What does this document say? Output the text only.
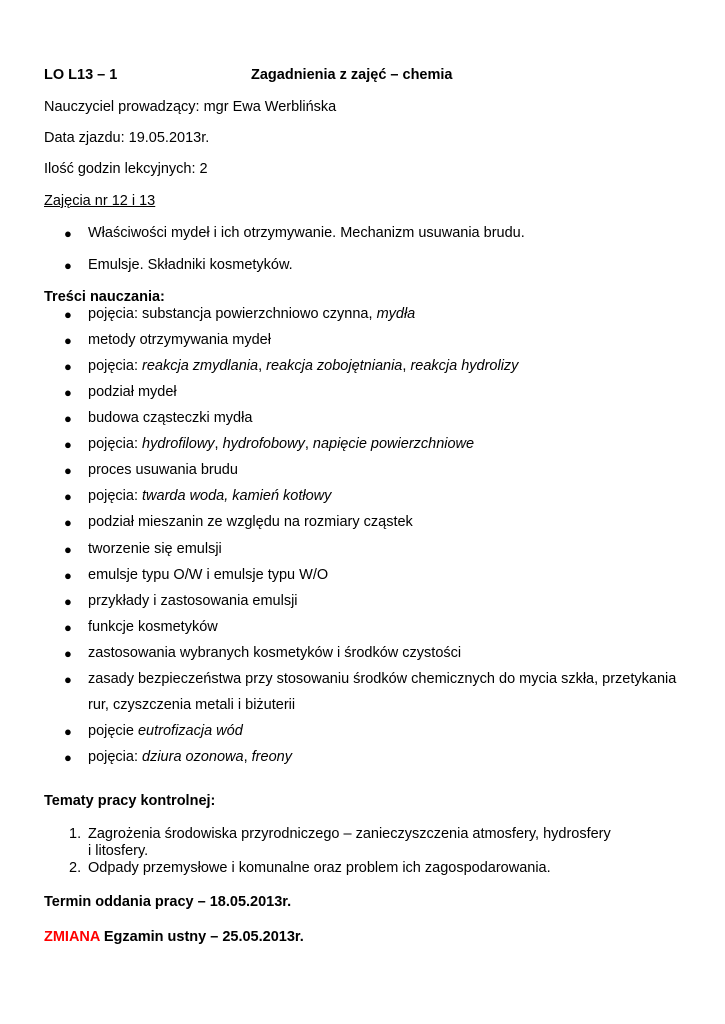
LO L13 – 1	Zagadnienia z zajęć – chemia
Nauczyciel prowadzący: mgr Ewa Werblińska
Data zjazdu: 19.05.2013r.
Ilość godzin lekcyjnych: 2
Zajęcia nr 12 i 13
● Właściwości mydeł i ich otrzymywanie. Mechanizm usuwania brudu.
● Emulsje. Składniki kosmetyków.
Treści nauczania:
● pojęcia: substancja powierzchniowo czynna, mydła
● metody otrzymywania mydeł
● pojęcia: reakcja zmydlania, reakcja zobojętniania, reakcja hydrolizy
● podział mydeł
● budowa cząsteczki mydła
● pojęcia: hydrofilowy, hydrofobowy, napięcie powierzchniowe
● proces usuwania brudu
● pojęcia: twarda woda, kamień kotłowy
● podział mieszanin ze względu na rozmiary cząstek
● tworzenie się emulsji
● emulsje typu O/W i emulsje typu W/O
● przykłady i zastosowania emulsji
● funkcje kosmetyków
● zastosowania wybranych kosmetyków i środków czystości
● zasady bezpieczeństwa przy stosowaniu środków chemicznych do mycia szkła, przetykania
rur, czyszczenia metali i biżuterii
● pojęcie eutrofizacja wód
● pojęcia: dziura ozonowa, freony
Tematy pracy kontrolnej:
1. Zagrożenia środowiska przyrodniczego – zanieczyszczenia atmosfery, hydrosfery
i litosfery.
2. Odpady przemysłowe i komunalne oraz problem ich zagospodarowania.
Termin oddania pracy – 18.05.2013r.
ZMIANA Egzamin ustny – 25.05.2013r.
